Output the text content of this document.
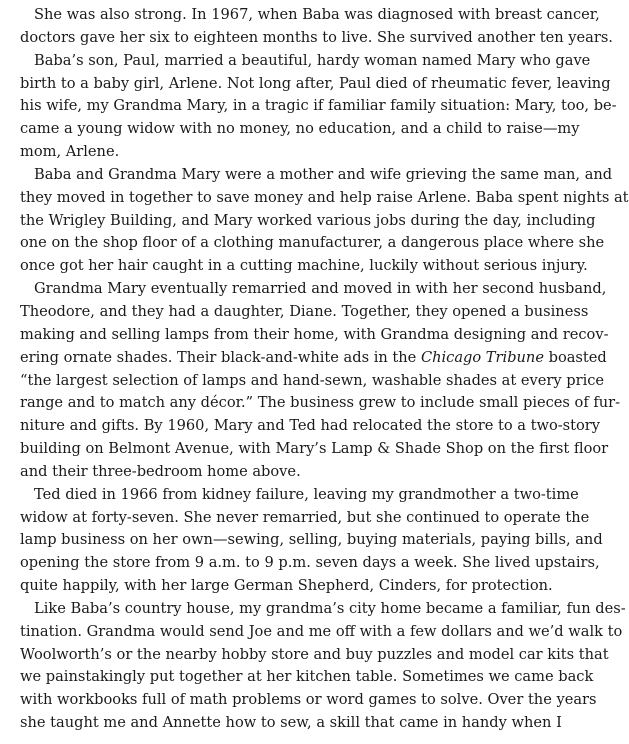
She was also strong. In 1967, when Baba was diagnosed with breast cancer,
doctors gave her six to eighteen months to live. She survived another ten years.
Baba’s son, Paul, married a beautiful, hardy woman named Mary who gave
birth to a baby girl, Arlene. Not long after, Paul died of rheumatic fever, leaving
his wife, my Grandma Mary, in a tragic if familiar family situation: Mary, too, be-
came a young widow with no money, no education, and a child to raise—my
mom, Arlene.
Baba and Grandma Mary were a mother and wife grieving the same man, and
they moved in together to save money and help raise Arlene. Baba spent nights at
the Wrigley Building, and Mary worked various jobs during the day, including
one on the shop floor of a clothing manufacturer, a dangerous place where she
once got her hair caught in a cutting machine, luckily without serious injury.
Grandma Mary eventually remarried and moved in with her second husband,
Theodore, and they had a daughter, Diane. Together, they opened a business
making and selling lamps from their home, with Grandma designing and recov-
ering ornate shades. Their black-and-white ads in the Chicago Tribune boasted
“the largest selection of lamps and hand-sewn, washable shades at every price
range and to match any décor.” The business grew to include small pieces of fur-
niture and gifts. By 1960, Mary and Ted had relocated the store to a two-story
building on Belmont Avenue, with Mary’s Lamp & Shade Shop on the first floor
and their three-bedroom home above.
Ted died in 1966 from kidney failure, leaving my grandmother a two-time
widow at forty-seven. She never remarried, but she continued to operate the
lamp business on her own—sewing, selling, buying materials, paying bills, and
opening the store from 9 a.m. to 9 p.m. seven days a week. She lived upstairs,
quite happily, with her large German Shepherd, Cinders, for protection.
Like Baba’s country house, my grandma’s city home became a familiar, fun des-
tination. Grandma would send Joe and me off with a few dollars and we’d walk to
Woolworth’s or the nearby hobby store and buy puzzles and model car kits that
we painstakingly put together at her kitchen table. Sometimes we came back
with workbooks full of math problems or word games to solve. Over the years
she taught me and Annette how to sew, a skill that came in handy when I
